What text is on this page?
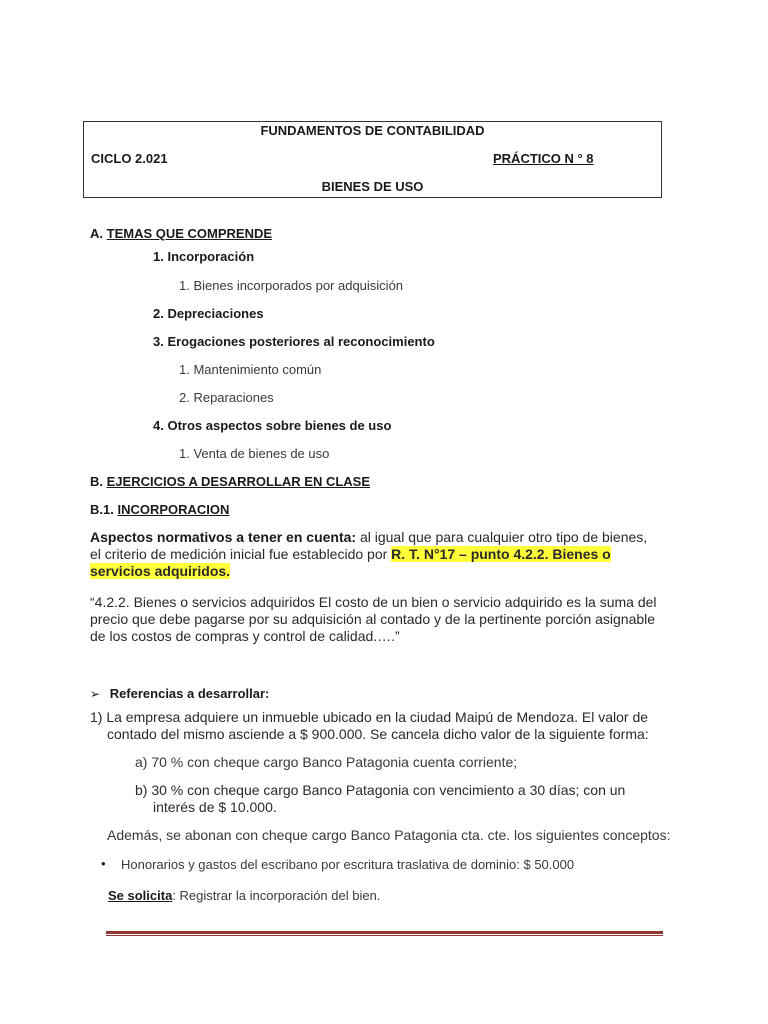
FUNDAMENTOS DE CONTABILIDAD
CICLO 2.021	PRÁCTICO N ° 8
BIENES DE USO
A. TEMAS QUE COMPRENDE
1. Incorporación
1. Bienes incorporados por adquisición
2. Depreciaciones
3. Erogaciones posteriores al reconocimiento
1. Mantenimiento común
2. Reparaciones
4. Otros aspectos sobre bienes de uso
1. Venta de bienes de uso
B. EJERCICIOS A DESARROLLAR EN CLASE
B.1. INCORPORACION
Aspectos normativos a tener en cuenta: al igual que para cualquier otro tipo de bienes, el criterio de medición inicial fue establecido por R. T. N°17 – punto 4.2.2. Bienes o servicios adquiridos.
“4.2.2. Bienes o servicios adquiridos El costo de un bien o servicio adquirido es la suma del precio que debe pagarse por su adquisición al contado y de la pertinente porción asignable de los costos de compras y control de calidad.….”
➢ Referencias a desarrollar:
1) La empresa adquiere un inmueble ubicado en la ciudad Maipú de Mendoza. El valor de contado del mismo asciende a $ 900.000. Se cancela dicho valor de la siguiente forma:
a) 70 % con cheque cargo Banco Patagonia cuenta corriente;
b) 30 % con cheque cargo Banco Patagonia con vencimiento a 30 días; con un interés de $ 10.000.
Además, se abonan con cheque cargo Banco Patagonia cta. cte. los siguientes conceptos:
• Honorarios y gastos del escribano por escritura traslativa de dominio: $ 50.000
Se solicita: Registrar la incorporación del bien.
